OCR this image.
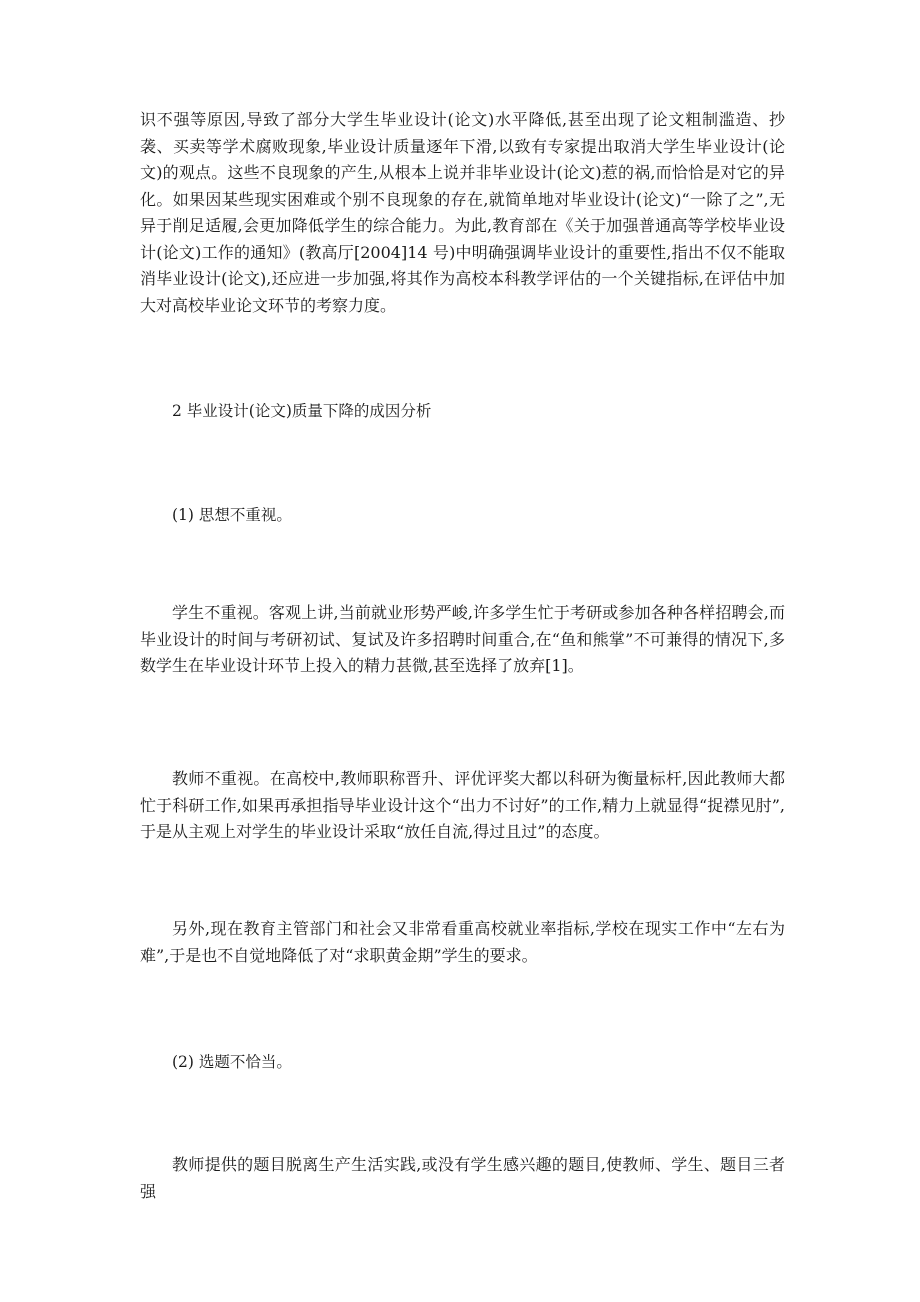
识不强等原因,导致了部分大学生毕业设计(论文)水平降低,甚至出现了论文粗制滥造、抄袭、买卖等学术腐败现象,毕业设计质量逐年下滑,以致有专家提出取消大学生毕业设计(论文)的观点。这些不良现象的产生,从根本上说并非毕业设计(论文)惹的祸,而恰恰是对它的异化。如果因某些现实困难或个别不良现象的存在,就简单地对毕业设计(论文)“一除了之”,无异于削足适履,会更加降低学生的综合能力。为此,教育部在《关于加强普通高等学校毕业设计(论文)工作的通知》(教高厅[2004]14 号)中明确强调毕业设计的重要性,指出不仅不能取消毕业设计(论文),还应进一步加强,将其作为高校本科教学评估的一个关键指标,在评估中加大对高校毕业论文环节的考察力度。

2 毕业设计(论文)质量下降的成因分析

(1) 思想不重视。

学生不重视。客观上讲,当前就业形势严峻,许多学生忙于考研或参加各种各样招聘会,而毕业设计的时间与考研初试、复试及许多招聘时间重合,在“鱼和熊掌”不可兼得的情况下,多数学生在毕业设计环节上投入的精力甚微,甚至选择了放弃[1]。

教师不重视。在高校中,教师职称晋升、评优评奖大都以科研为衡量标杆,因此教师大都忙于科研工作,如果再承担指导毕业设计这个“出力不讨好”的工作,精力上就显得“捉襟见肘”,于是从主观上对学生的毕业设计采取“放任自流,得过且过”的态度。

另外,现在教育主管部门和社会又非常看重高校就业率指标,学校在现实工作中“左右为难”,于是也不自觉地降低了对“求职黄金期”学生的要求。

(2) 选题不恰当。

教师提供的题目脱离生产生活实践,或没有学生感兴趣的题目,使教师、学生、题目三者强
